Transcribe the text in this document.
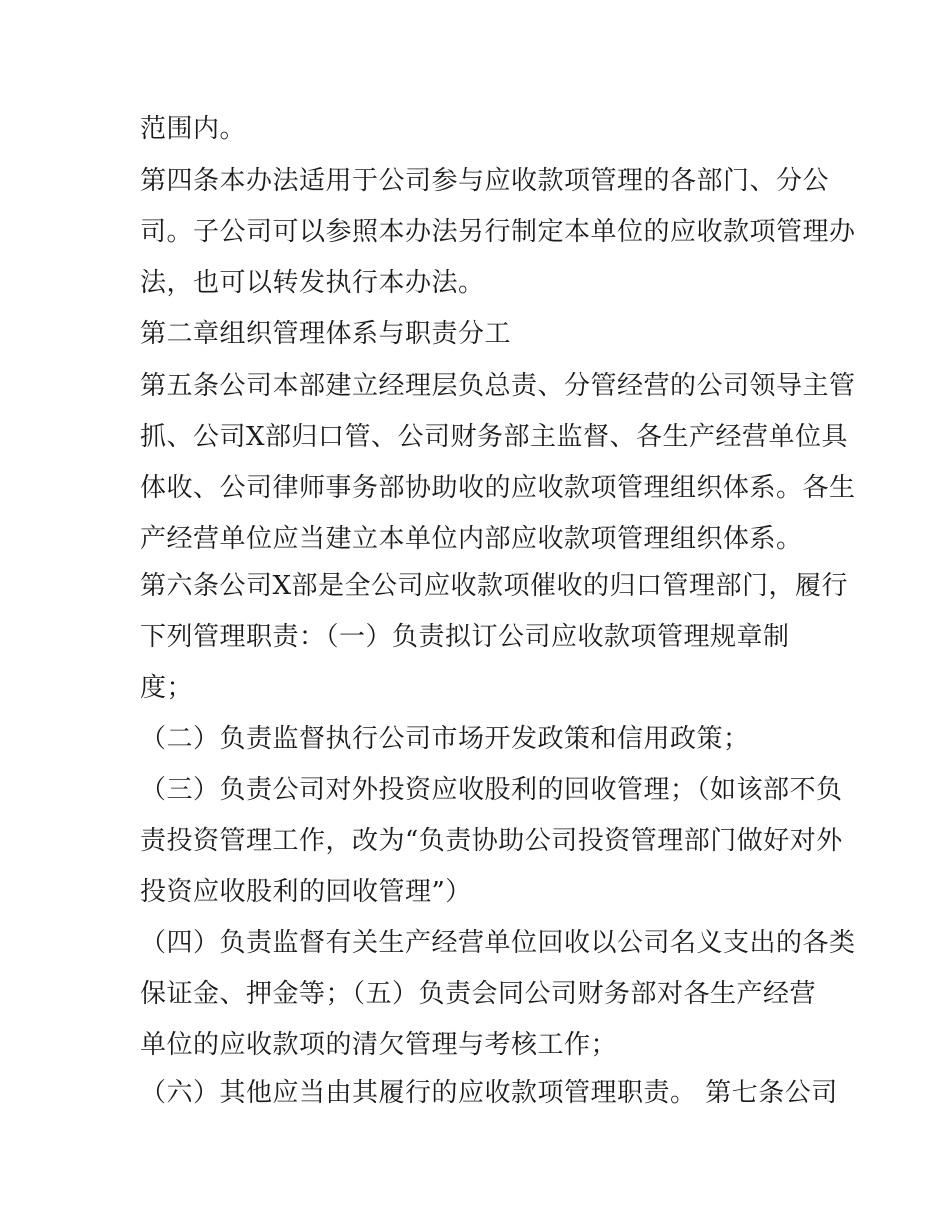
范围内。

第四条本办法适用于公司参与应收款项管理的各部门、分公

司。子公司可以参照本办法另行制定本单位的应收款项管理办

法，也可以转发执行本办法。

第二章组织管理体系与职责分工

第五条公司本部建立经理层负总责、分管经营的公司领导主管

抓、公司X部归口管、公司财务部主监督、各生产经营单位具

体收、公司律师事务部协助收的应收款项管理组织体系。各生

产经营单位应当建立本单位内部应收款项管理组织体系。

第六条公司X部是全公司应收款项催收的归口管理部门，履行

下列管理职责：（一）负责拟订公司应收款项管理规章制

度；

（二）负责监督执行公司市场开发政策和信用政策；

（三）负责公司对外投资应收股利的回收管理；（如该部不负

责投资管理工作，改为“负责协助公司投资管理部门做好对外

投资应收股利的回收管理”）

（四）负责监督有关生产经营单位回收以公司名义支出的各类

保证金、押金等；（五）负责会同公司财务部对各生产经营

单位的应收款项的清欠管理与考核工作；

（六）其他应当由其履行的应收款项管理职责。 第七条公司
